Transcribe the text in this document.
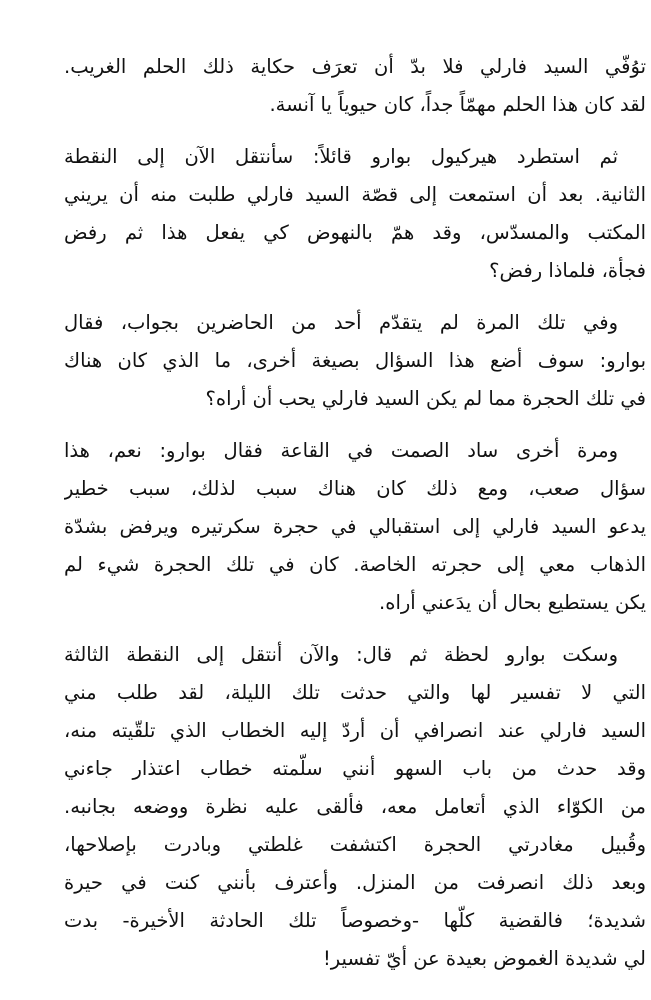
توُفّي السيد فارلي فلا بدّ أن تعرَف حكاية ذلك الحلم الغريب.
لقد كان هذا الحلم مهمّاً جداً، كان حيوياً يا آنسة.

ثم استطرد هيركيول بوارو قائلاً: سأنتقل الآن إلى النقطة
الثانية. بعد أن استمعت إلى قصّة السيد فارلي طلبت منه أن يريني
المكتب والمسدّس، وقد همّ بالنهوض كي يفعل هذا ثم رفض
فجأة، فلماذا رفض؟

وفي تلك المرة لم يتقدّم أحد من الحاضرين بجواب، فقال
بوارو: سوف أضع هذا السؤال بصيغة أخرى، ما الذي كان هناك
في تلك الحجرة مما لم يكن السيد فارلي يحب أن أراه؟

ومرة أخرى ساد الصمت في القاعة فقال بوارو: نعم، هذا
سؤال صعب، ومع ذلك كان هناك سبب لذلك، سبب خطير
يدعو السيد فارلي إلى استقبالي في حجرة سكرتيره ويرفض بشدّة
الذهاب معي إلى حجرته الخاصة. كان في تلك الحجرة شيء لم
يكن يستطيع بحال أن يدَعني أراه.

وسكت بوارو لحظة ثم قال: والآن أنتقل إلى النقطة الثالثة
التي لا تفسير لها والتي حدثت تلك الليلة، لقد طلب مني
السيد فارلي عند انصرافي أن أردّ إليه الخطاب الذي تلقّيته منه،
وقد حدث من باب السهو أنني سلّمته خطاب اعتذار جاءني
من الكوّاء الذي أتعامل معه، فألقى عليه نظرة ووضعه بجانبه.
وقُبيل مغادرتي الحجرة اكتشفت غلطتي وبادرت بإصلاحها،
وبعد ذلك انصرفت من المنزل. وأعترف بأنني كنت في حيرة
شديدة؛ فالقضية كلّها -وخصوصاً تلك الحادثة الأخيرة- بدت
لي شديدة الغموض بعيدة عن أيّ تفسير!
